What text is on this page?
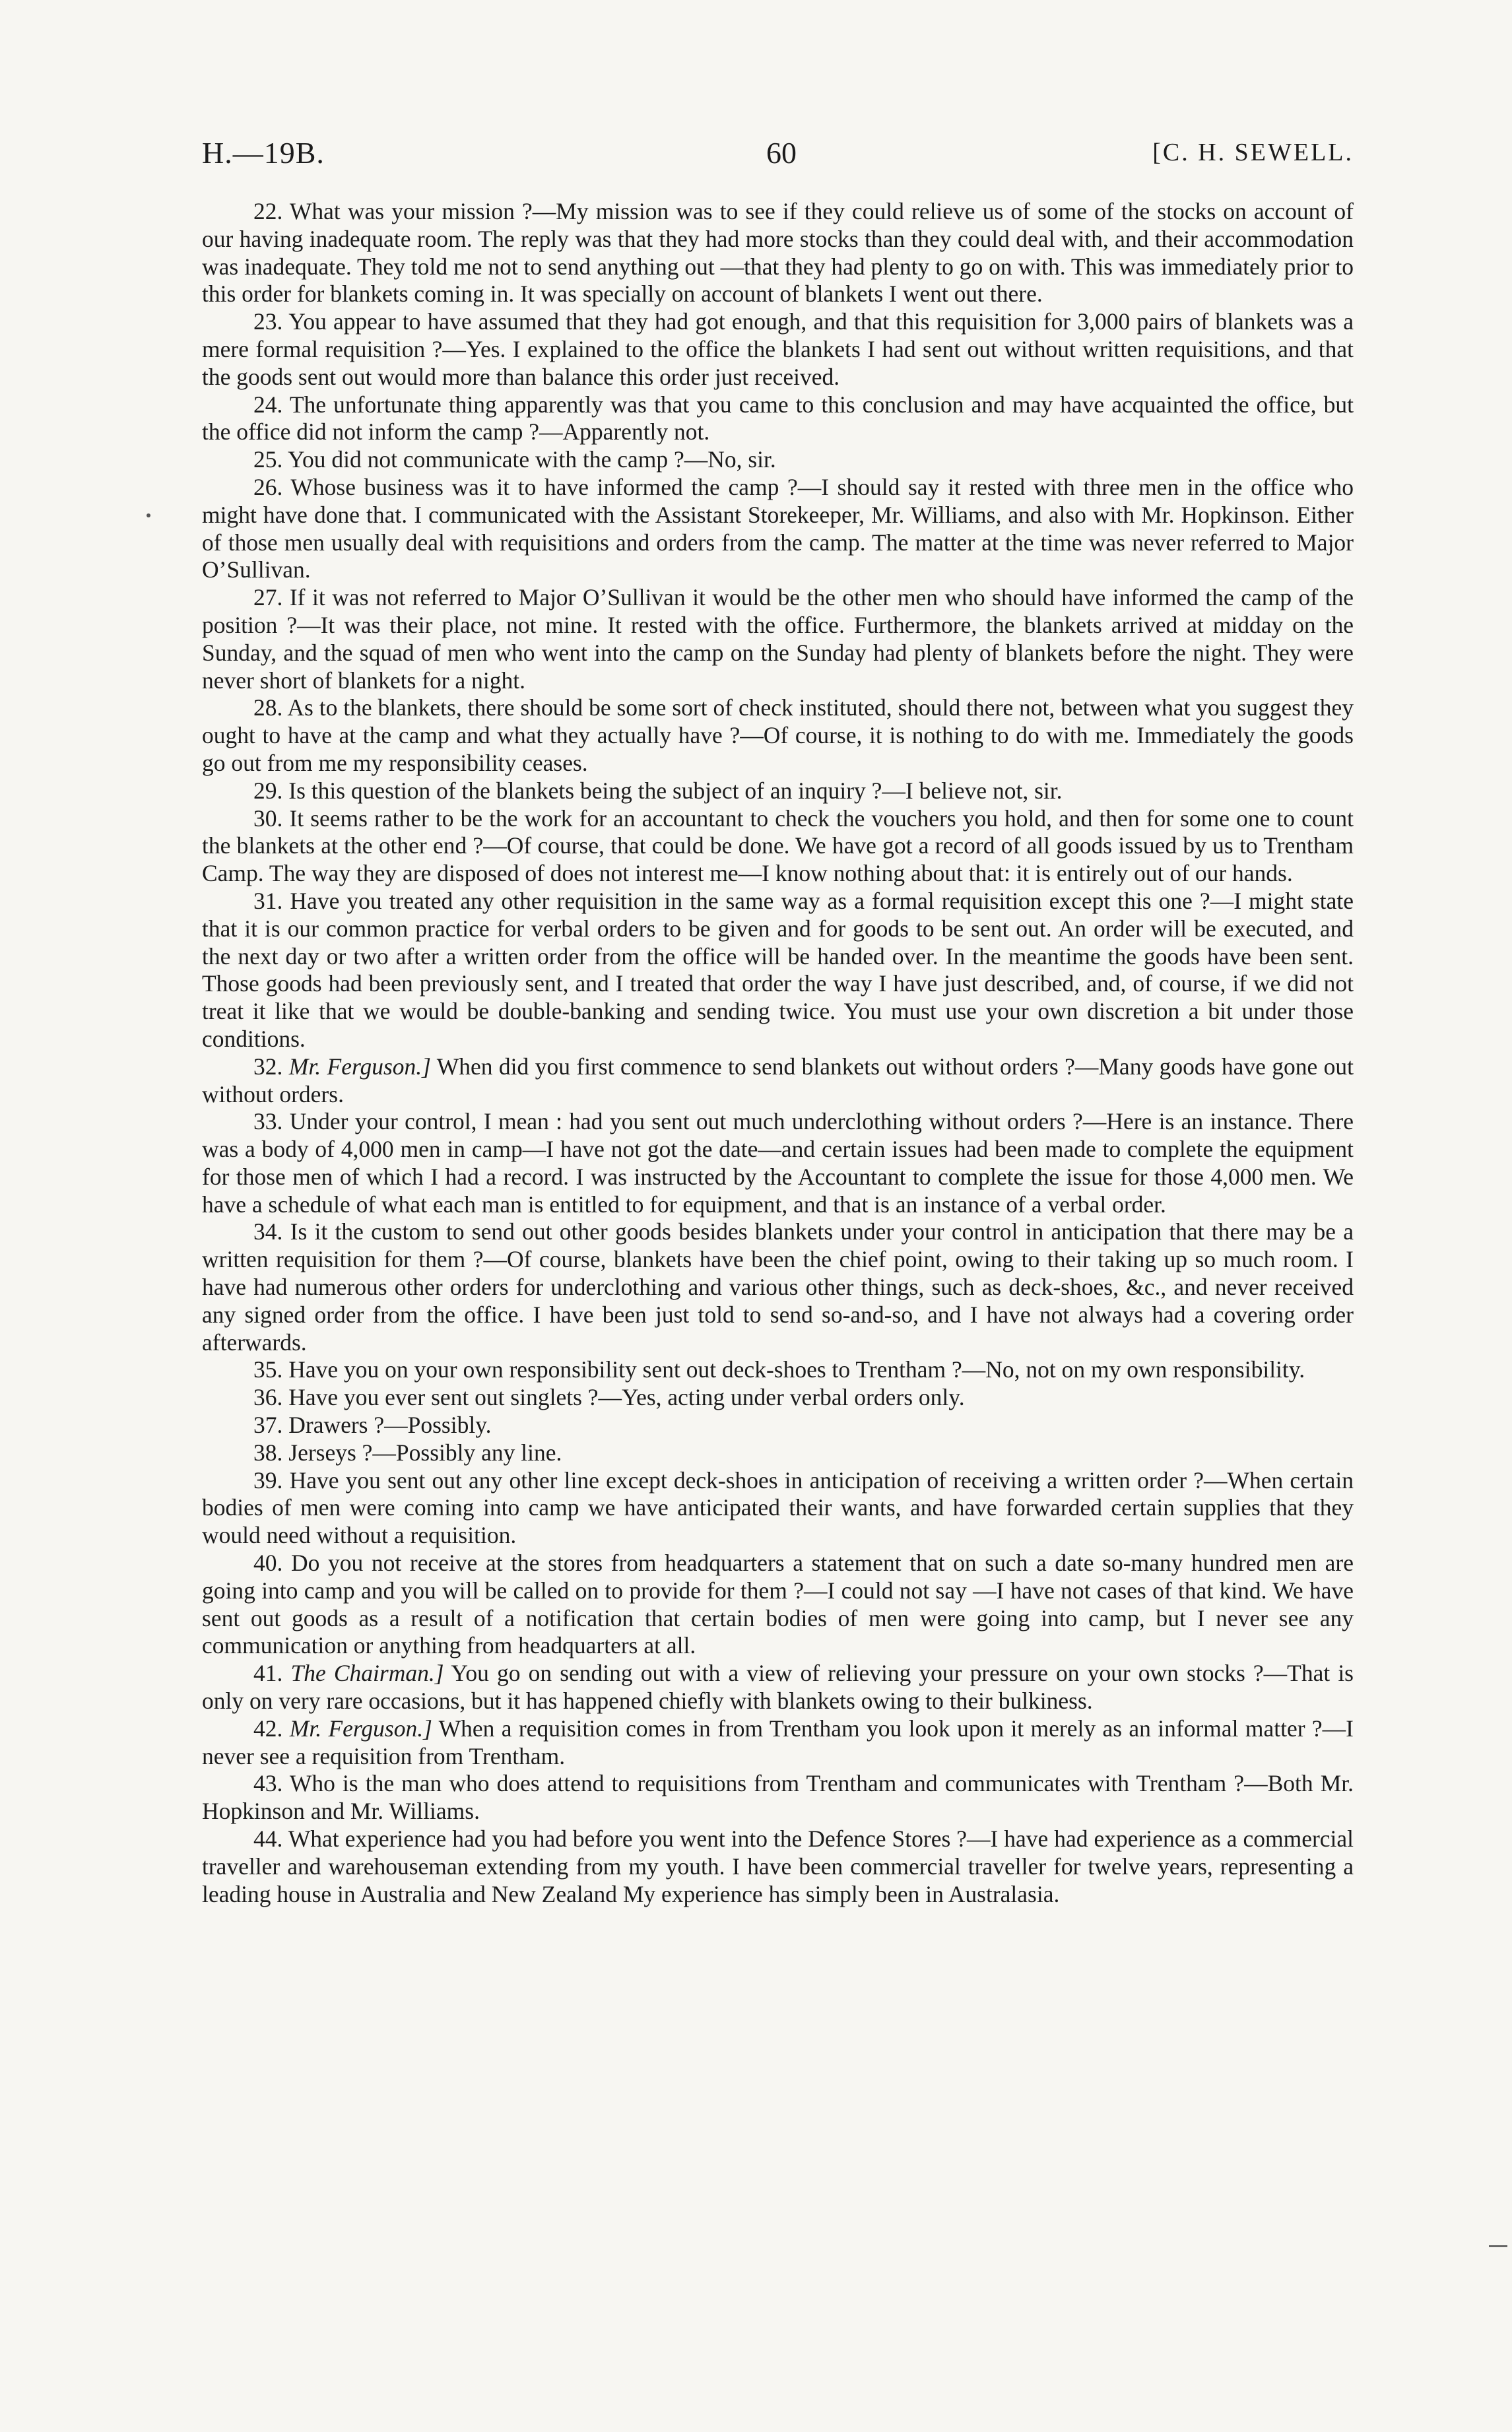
H.—19B.	60	[C. H. SEWELL.

22. What was your mission ?—My mission was to see if they could relieve us of some of the stocks on account of our having inadequate room. The reply was that they had more stocks than they could deal with, and their accommodation was inadequate. They told me not to send anything out —that they had plenty to go on with. This was immediately prior to this order for blankets coming in. It was specially on account of blankets I went out there.

23. You appear to have assumed that they had got enough, and that this requisition for 3,000 pairs of blankets was a mere formal requisition ?—Yes. I explained to the office the blankets I had sent out without written requisitions, and that the goods sent out would more than balance this order just received.

24. The unfortunate thing apparently was that you came to this conclusion and may have acquainted the office, but the office did not inform the camp ?—Apparently not.

25. You did not communicate with the camp ?—No, sir.

26. Whose business was it to have informed the camp ?—I should say it rested with three men in the office who might have done that. I communicated with the Assistant Storekeeper, Mr. Williams, and also with Mr. Hopkinson. Either of those men usually deal with requisitions and orders from the camp. The matter at the time was never referred to Major O’Sullivan.

27. If it was not referred to Major O’Sullivan it would be the other men who should have informed the camp of the position ?—It was their place, not mine. It rested with the office. Furthermore, the blankets arrived at midday on the Sunday, and the squad of men who went into the camp on the Sunday had plenty of blankets before the night. They were never short of blankets for a night.

28. As to the blankets, there should be some sort of check instituted, should there not, between what you suggest they ought to have at the camp and what they actually have ?—Of course, it is nothing to do with me. Immediately the goods go out from me my responsibility ceases.

29. Is this question of the blankets being the subject of an inquiry ?—I believe not, sir.

30. It seems rather to be the work for an accountant to check the vouchers you hold, and then for some one to count the blankets at the other end ?—Of course, that could be done. We have got a record of all goods issued by us to Trentham Camp. The way they are disposed of does not interest me—I know nothing about that: it is entirely out of our hands.

31. Have you treated any other requisition in the same way as a formal requisition except this one ?—I might state that it is our common practice for verbal orders to be given and for goods to be sent out. An order will be executed, and the next day or two after a written order from the office will be handed over. In the meantime the goods have been sent. Those goods had been previously sent, and I treated that order the way I have just described, and, of course, if we did not treat it like that we would be double-banking and sending twice. You must use your own discretion a bit under those conditions.

32. Mr. Ferguson.] When did you first commence to send blankets out without orders ?—Many goods have gone out without orders.

33. Under your control, I mean : had you sent out much underclothing without orders ?—Here is an instance. There was a body of 4,000 men in camp—I have not got the date—and certain issues had been made to complete the equipment for those men of which I had a record. I was instructed by the Accountant to complete the issue for those 4,000 men. We have a schedule of what each man is entitled to for equipment, and that is an instance of a verbal order.

34. Is it the custom to send out other goods besides blankets under your control in anticipation that there may be a written requisition for them ?—Of course, blankets have been the chief point, owing to their taking up so much room. I have had numerous other orders for underclothing and various other things, such as deck-shoes, &c., and never received any signed order from the office. I have been just told to send so-and-so, and I have not always had a covering order afterwards.

35. Have you on your own responsibility sent out deck-shoes to Trentham ?—No, not on my own responsibility.

36. Have you ever sent out singlets ?—Yes, acting under verbal orders only.

37. Drawers ?—Possibly.

38. Jerseys ?—Possibly any line.

39. Have you sent out any other line except deck-shoes in anticipation of receiving a written order ?—When certain bodies of men were coming into camp we have anticipated their wants, and have forwarded certain supplies that they would need without a requisition.

40. Do you not receive at the stores from headquarters a statement that on such a date so-many hundred men are going into camp and you will be called on to provide for them ?—I could not say —I have not cases of that kind. We have sent out goods as a result of a notification that certain bodies of men were going into camp, but I never see any communication or anything from headquarters at all.

41. The Chairman.] You go on sending out with a view of relieving your pressure on your own stocks ?—That is only on very rare occasions, but it has happened chiefly with blankets owing to their bulkiness.

42. Mr. Ferguson.] When a requisition comes in from Trentham you look upon it merely as an informal matter ?—I never see a requisition from Trentham.

43. Who is the man who does attend to requisitions from Trentham and communicates with Trentham ?—Both Mr. Hopkinson and Mr. Williams.

44. What experience had you had before you went into the Defence Stores ?—I have had experience as a commercial traveller and warehouseman extending from my youth. I have been commercial traveller for twelve years, representing a leading house in Australia and New Zealand My experience has simply been in Australasia.
